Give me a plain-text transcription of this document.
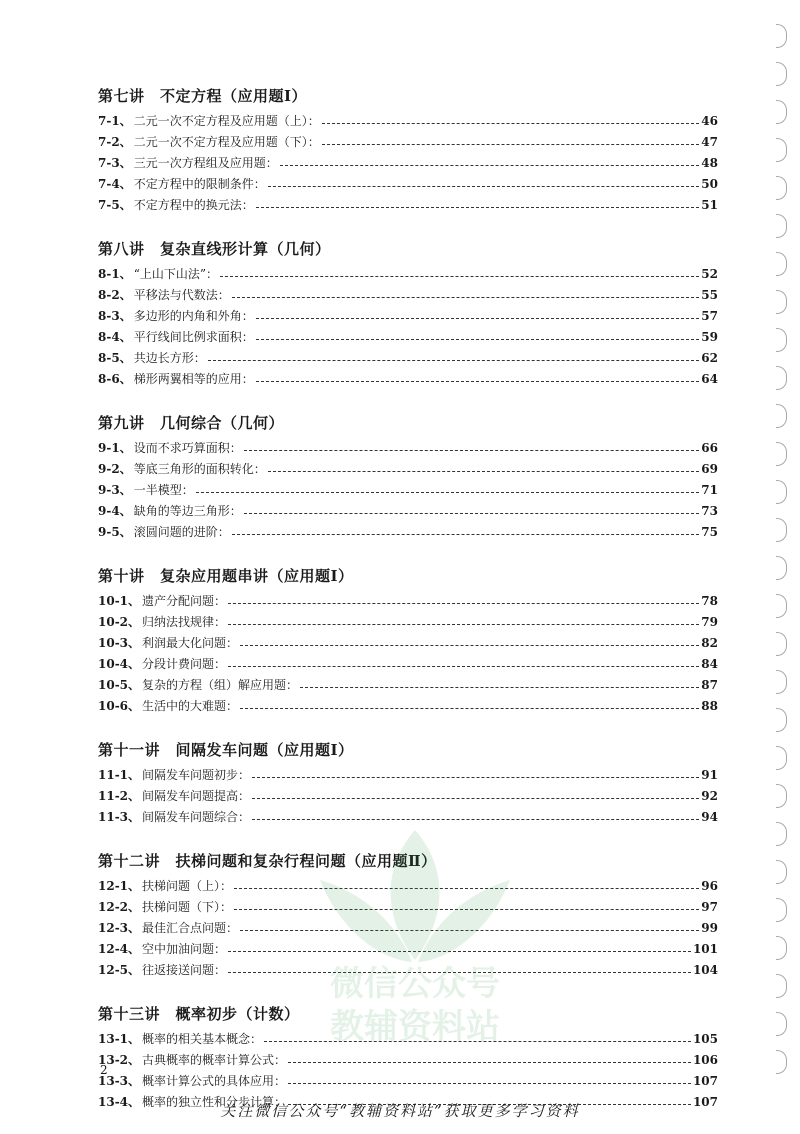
第七讲　不定方程（应用题Ⅰ）
7-1、 二元一次不定方程及应用题（上）：	46
7-2、 二元一次不定方程及应用题（下）：	47
7-3、 三元一次方程组及应用题：	48
7-4、 不定方程中的限制条件：	50
7-5、 不定方程中的换元法：	51
第八讲　复杂直线形计算（几何）
8-1、 “上山下山法”：	52
8-2、 平移法与代数法：	55
8-3、 多边形的内角和外角：	57
8-4、 平行线间比例求面积：	59
8-5、 共边长方形：	62
8-6、 梯形两翼相等的应用：	64
第九讲　几何综合（几何）
9-1、 设而不求巧算面积：	66
9-2、 等底三角形的面积转化：	69
9-3、 一半模型：	71
9-4、 缺角的等边三角形：	73
9-5、 滚圆问题的进阶：	75
第十讲　复杂应用题串讲（应用题Ⅰ）
10-1、 遗产分配问题：	78
10-2、 归纳法找规律：	79
10-3、 利润最大化问题：	82
10-4、 分段计费问题：	84
10-5、 复杂的方程（组）解应用题：	87
10-6、 生活中的大难题：	88
第十一讲　间隔发车问题（应用题Ⅰ）
11-1、 间隔发车问题初步：	91
11-2、 间隔发车问题提高：	92
11-3、 间隔发车问题综合：	94
第十二讲　扶梯问题和复杂行程问题（应用题Ⅱ）
12-1、 扶梯问题（上）：	96
12-2、 扶梯问题（下）：	97
12-3、 最佳汇合点问题：	99
12-4、 空中加油问题：	101
12-5、 往返接送问题：	104
第十三讲　概率初步（计数）
13-1、 概率的相关基本概念：	105
13-2、 古典概率的概率计算公式：	106
13-3、 概率计算公式的具体应用：	107
13-4、 概率的独立性和分步计算：	107
微信公众号
教辅资料站
2
关注微信公众号“教辅资料站”获取更多学习资料
